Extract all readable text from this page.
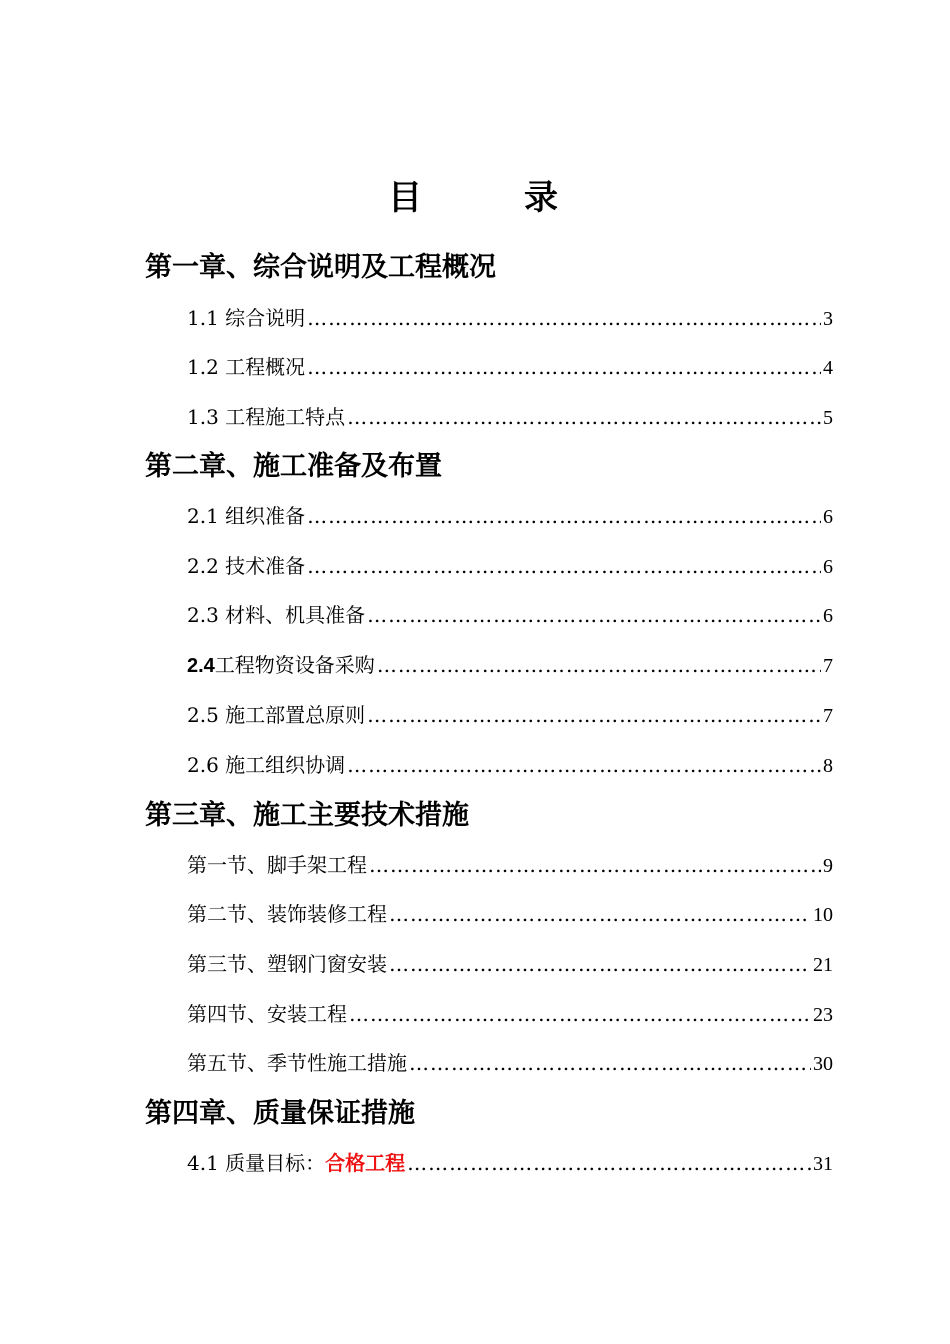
目　录
第一章、综合说明及工程概况
1.1 综合说明 ………………………………………………………………………………………………………………………………………………………………………	3
1.2 工程概况 ………………………………………………………………………………………………………………………………………………………………………	4
1.3 工程施工特点 ………………………………………………………………………………………………………………………………………………………………………	5
第二章、施工准备及布置
2.1 组织准备 ………………………………………………………………………………………………………………………………………………………………………	6
2.2 技术准备 ………………………………………………………………………………………………………………………………………………………………………	6
2.3 材料、机具准备 ………………………………………………………………………………………………………………………………………………………………………	6
2.4工程物资设备采购 ………………………………………………………………………………………………………………………………………………………………………	7
2.5 施工部置总原则 ………………………………………………………………………………………………………………………………………………………………………	7
2.6 施工组织协调 ………………………………………………………………………………………………………………………………………………………………………	8
第三章、施工主要技术措施
第一节、脚手架工程 ………………………………………………………………………………………………………………………………………………………………………	9
第二节、装饰装修工程 ………………………………………………………………………………………………………………………………………………………………………	10
第三节、塑钢门窗安装 ………………………………………………………………………………………………………………………………………………………………………	21
第四节、安装工程 ………………………………………………………………………………………………………………………………………………………………………	23
第五节、季节性施工措施 ………………………………………………………………………………………………………………………………………………………………………	30
第四章、质量保证措施
4.1 质量目标：合格工程 ………………………………………………………………………………………………………………………………………………………………………	31
